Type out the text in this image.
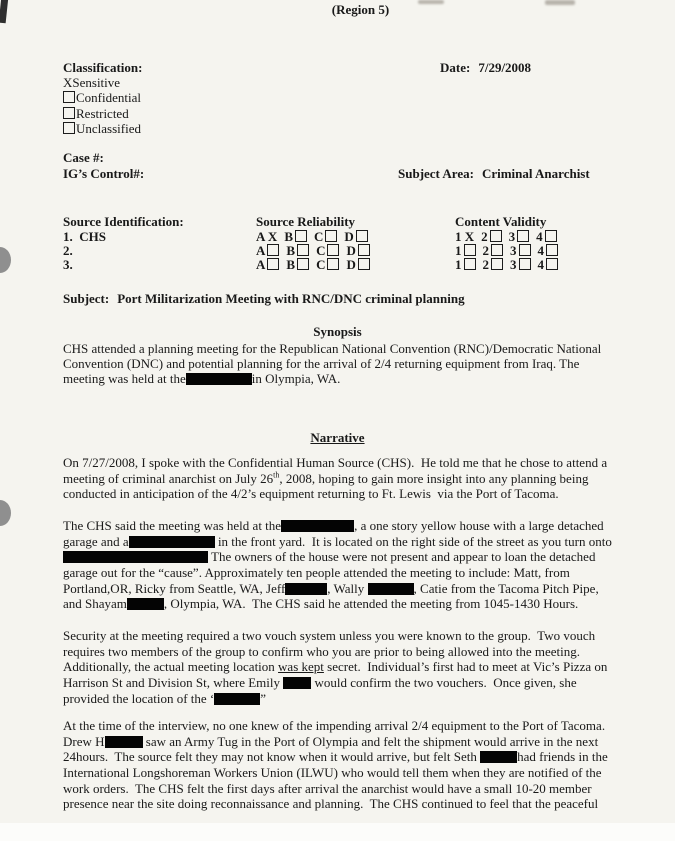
(Region 5)
Classification:
XSensitive
Confidential
Restricted
Unclassified
Date: 7/29/2008
Case #:
IG’s Control#:	Subject Area: Criminal Anarchist
Source Identification:	Source Reliability	Content Validity
1.  CHS	A X B C D	1 X 2 3 4
2.	A B C D	1 2 3 4
3.	A B C D	1 2 3 4
Subject: Port Militarization Meeting with RNC/DNC criminal planning
Synopsis
CHS attended a planning meeting for the Republican National Convention (RNC)/Democratic National
Convention (DNC) and potential planning for the arrival of 2/4 returning equipment from Iraq. The
meeting was held at the	in Olympia, WA.
Narrative
On 7/27/2008, I spoke with the Confidential Human Source (CHS).  He told me that he chose to attend a
meeting of criminal anarchist on July 26th, 2008, hoping to gain more insight into any planning being
conducted in anticipation of the 4/2’s equipment returning to Ft. Lewis  via the Port of Tacoma.
The CHS said the meeting was held at the	, a one story yellow house with a large detached
garage and a	in the front yard.  It is located on the right side of the street as you turn onto
The owners of the house were not present and appear to loan the detached
garage out for the “cause”. Approximately ten people attended the meeting to include: Matt, from
Portland,OR, Ricky from Seattle, WA, Jeff	, Wally	, Catie from the Tacoma Pitch Pipe,
and Shayam	, Olympia, WA.  The CHS said he attended the meeting from 1045-1430 Hours.
Security at the meeting required a two vouch system unless you were known to the group.  Two vouch
requires two members of the group to confirm who you are prior to being allowed into the meeting.
Additionally, the actual meeting location was kept secret.  Individual’s first had to meet at Vic’s Pizza on
Harrison St and Division St, where Emily  would confirm the two vouchers.  Once given, she
provided the location of the ‘	”
At the time of the interview, no one knew of the impending arrival 2/4 equipment to the Port of Tacoma.
Drew H	saw an Army Tug in the Port of Olympia and felt the shipment would arrive in the next
24hours.  The source felt they may not know when it would arrive, but felt Seth	had friends in the
International Longshoreman Workers Union (ILWU) who would tell them when they are notified of the
work orders.  The CHS felt the first days after arrival the anarchist would have a small 10-20 member
presence near the site doing reconnaissance and planning.  The CHS continued to feel that the peaceful
